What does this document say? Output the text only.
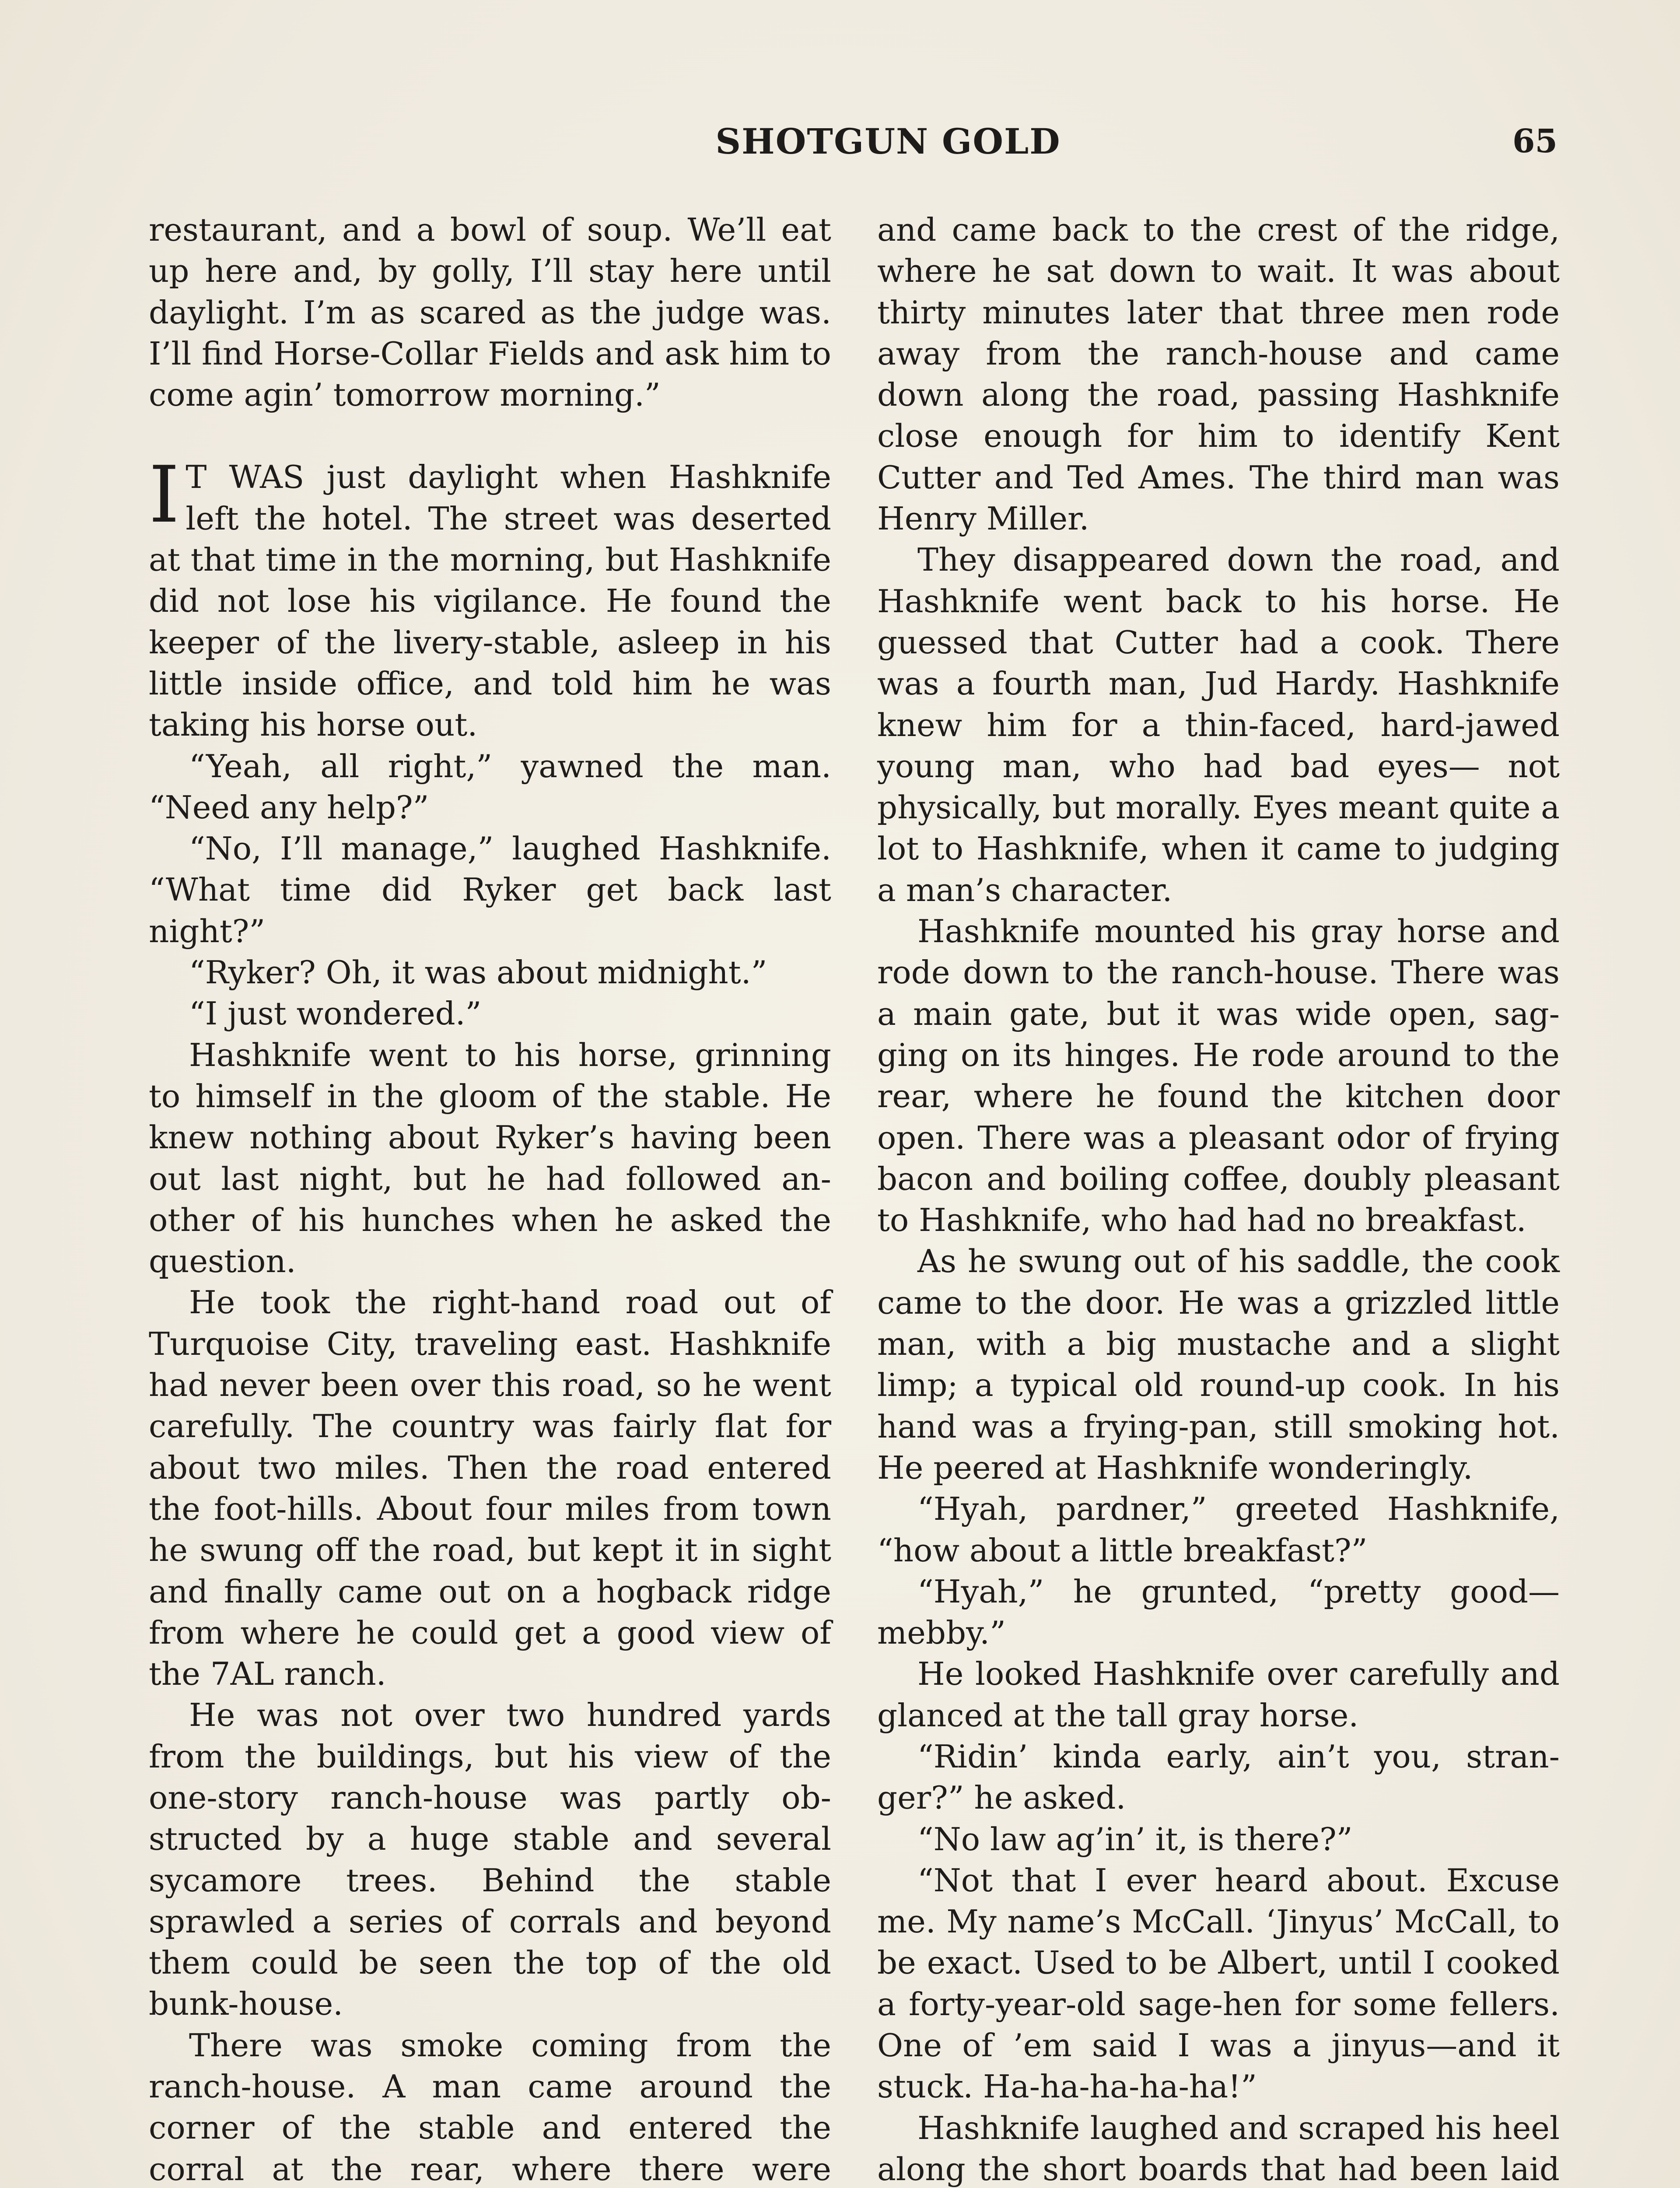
SHOTGUN GOLD	65

restaurant, and a bowl of soup. We’ll eat up here and, by golly, I’ll stay here until daylight. I’m as scared as the judge was. I’ll find Horse-Collar Fields and ask him to come agin’ tomorrow morning.”

I T WAS just daylight when Hashknife left the hotel. The street was deserted at that time in the morning, but Hashknife did not lose his vigilance. He found the keeper of the livery-stable, asleep in his little inside office, and told him he was taking his horse out.

“Yeah, all right,” yawned the man. “Need any help?”

“No, I’ll manage,” laughed Hashknife. “What time did Ryker get back last night?”

“Ryker? Oh, it was about midnight.”

“I just wondered.”

Hashknife went to his horse, grinning to himself in the gloom of the stable. He knew nothing about Ryker’s having been out last night, but he had followed another of his hunches when he asked the question.

He took the right-hand road out of Turquoise City, traveling east. Hashknife had never been over this road, so he went carefully. The country was fairly flat for about two miles. Then the road entered the foot-hills. About four miles from town he swung off the road, but kept it in sight and finally came out on a hogback ridge from where he could get a good view of the 7AL ranch.

He was not over two hundred yards from the buildings, but his view of the one-story ranch-house was partly obstructed by a huge stable and several sycamore trees. Behind the stable sprawled a series of corrals and beyond them could be seen the top of the old bunk-house.

There was smoke coming from the ranch-house. A man came around the corner of the stable and entered the corral at the rear, where there were

and came back to the crest of the ridge, where he sat down to wait. It was about thirty minutes later that three men rode away from the ranch-house and came down along the road, passing Hashknife close enough for him to identify Kent Cutter and Ted Ames. The third man was Henry Miller.

They disappeared down the road, and Hashknife went back to his horse. He guessed that Cutter had a cook. There was a fourth man, Jud Hardy. Hashknife knew him for a thin-faced, hard-jawed young man, who had bad eyes— not physically, but morally. Eyes meant quite a lot to Hashknife, when it came to judging a man’s character.

Hashknife mounted his gray horse and rode down to the ranch-house. There was a main gate, but it was wide open, sagging on its hinges. He rode around to the rear, where he found the kitchen door open. There was a pleasant odor of frying bacon and boiling coffee, doubly pleasant to Hashknife, who had had no breakfast.

As he swung out of his saddle, the cook came to the door. He was a grizzled little man, with a big mustache and a slight limp; a typical old round-up cook. In his hand was a frying-pan, still smoking hot. He peered at Hashknife wonderingly.

“Hyah, pardner,” greeted Hashknife, “how about a little breakfast?”

“Hyah,” he grunted, “pretty good— mebby.”

He looked Hashknife over carefully and glanced at the tall gray horse.

“Ridin’ kinda early, ain’t you, stranger?” he asked.

“No law ag’in’ it, is there?”

“Not that I ever heard about. Excuse me. My name’s McCall. ‘Jinyus’ McCall, to be exact. Used to be Albert, until I cooked a forty-year-old sage-hen for some fellers. One of ’em said I was a jinyus—and it stuck. Ha-ha-ha-ha-ha!”

Hashknife laughed and scraped his heel along the short boards that had been laid
